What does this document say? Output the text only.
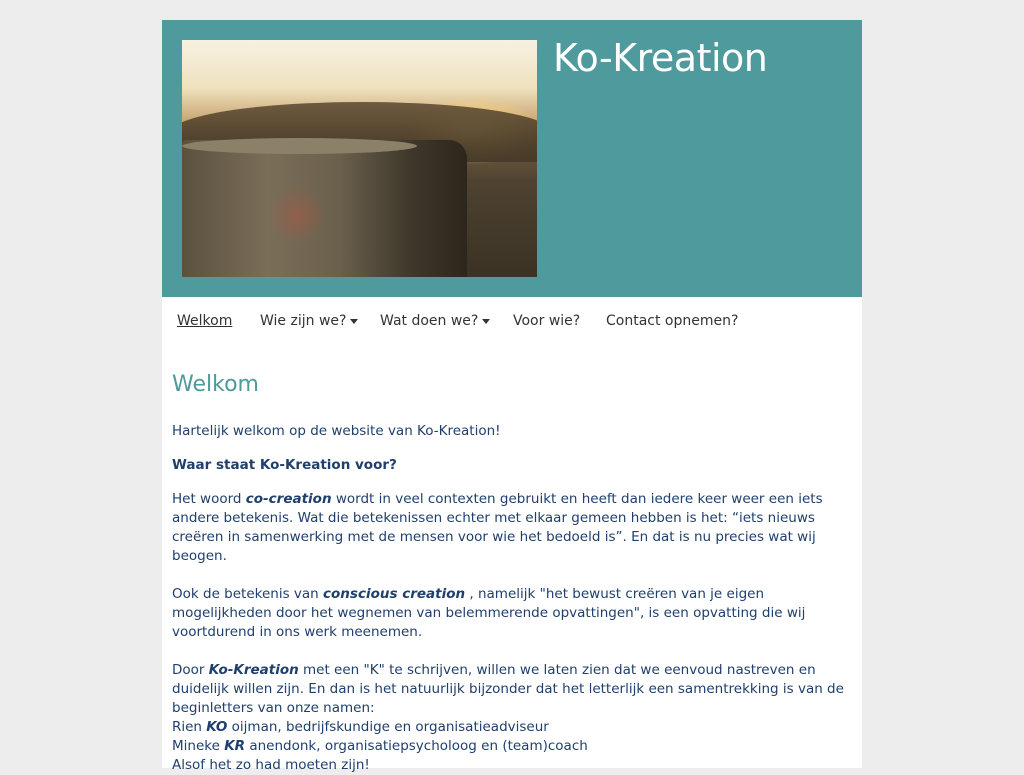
Ko-Kreation
Welkom Wie zijn we?	Wat doen we?	Voor wie? Contact opnemen?
Welkom

Hartelijk welkom op de website van Ko-Kreation!

Waar staat Ko-Kreation voor?

Het woord co-creation wordt in veel contexten gebruikt en heeft dan iedere keer weer een iets andere betekenis. Wat die betekenissen echter met elkaar gemeen hebben is het: “iets nieuws creëren in samenwerking met de mensen voor wie het bedoeld is”. En dat is nu precies wat wij beogen.

Ook de betekenis van conscious creation , namelijk "het bewust creëren van je eigen mogelijkheden door het wegnemen van belemmerende opvattingen", is een opvatting die wij voortdurend in ons werk meenemen.

Door Ko-Kreation met een "K" te schrijven, willen we laten zien dat we eenvoud nastreven en duidelijk willen zijn. En dan is het natuurlijk bijzonder dat het letterlijk een samentrekking is van de beginletters van onze namen:
Rien KO oijman, bedrijfskundige en organisatieadviseur
Mineke KR anendonk, organisatiepsycholoog en (team)coach
Alsof het zo had moeten zijn!
